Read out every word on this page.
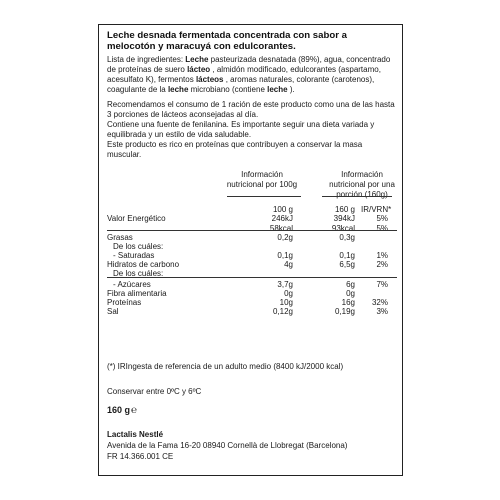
Leche desnada fermentada concentrada con sabor a melocotón y maracuyá con edulcorantes.
Lista de ingredientes: Leche pasteurizada desnatada (89%), agua, concentrado de proteínas de suero lácteo , almidón modificado, edulcorantes (aspartamo, acesulfato K), fermentos lácteos , aromas naturales, colorante (carotenos), coagulante de la leche microbiano (contiene leche ).
Recomendamos el consumo de 1 ración de este producto como una de las hasta 3 porciones de lácteos aconsejadas al día.
Contiene una fuente de fenilanina. Es importante seguir una dieta variada y equilibrada y un estilo de vida saludable.
Este producto es rico en proteínas que contribuyen a conservar la masa muscular.
Información nutricional por 100g
Información nutricional por una porción (160g)
100 g	160 g IR/VRN*
Valor Energético	246kJ	394kJ	5%
58kcal	93kcal	5%
Grasas	0,2g	0,3g
De los cuáles:
- Saturadas	0,1g	0,1g	1%
Hidratos de carbono	4g	6,5g	2%
De los cuáles:
- Azúcares	3,7g	6g	7%
Fibra alimentaria	0g	0g
Proteínas	10g	16g	32%
Sal	0,12g	0,19g	3%
(*) IRIngesta de referencia de un adulto medio (8400 kJ/2000 kcal)
Conservar entre 0ºC y 6ºC
160 g℮
Lactalis Nestlé
Avenida de la Fama 16-20 08940 Cornellà de Llobregat (Barcelona)
FR 14.366.001 CE
